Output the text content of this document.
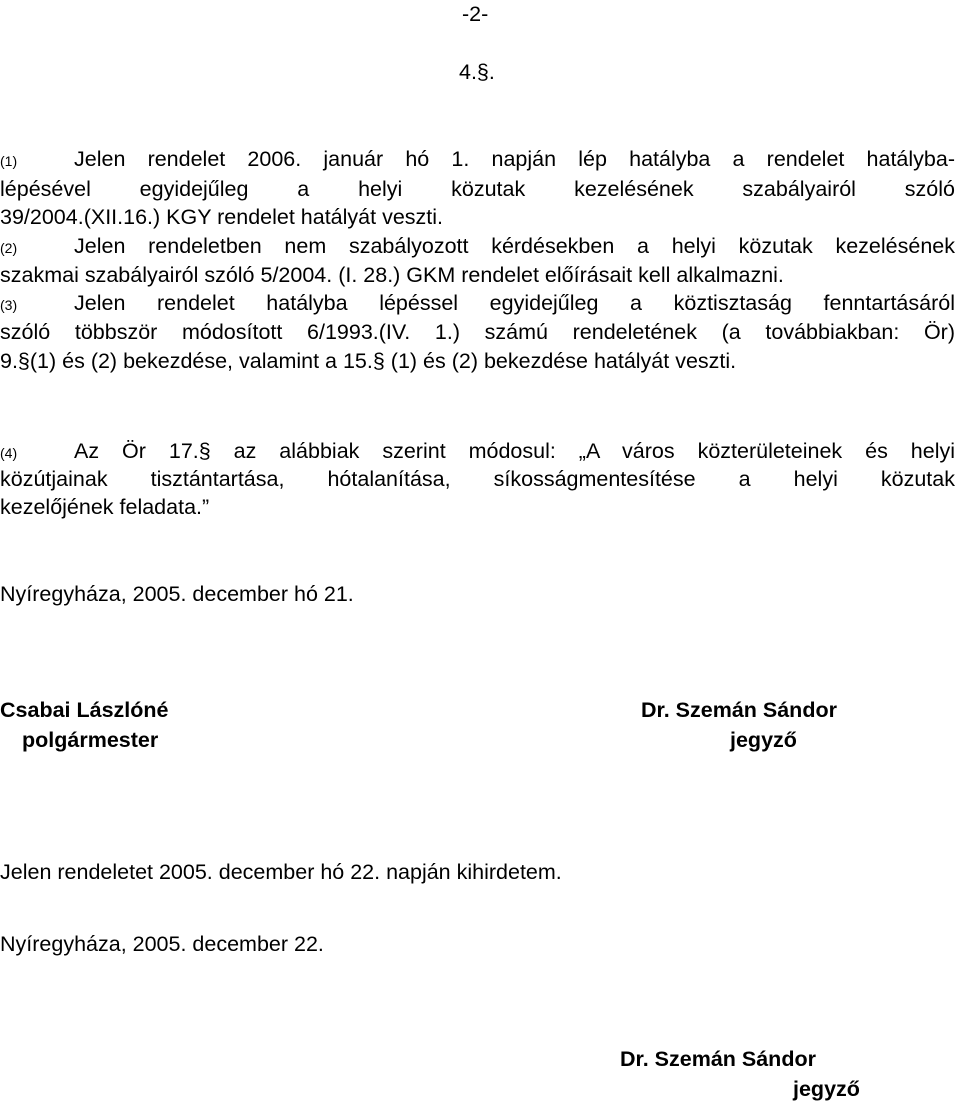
-2-
4.§.
(1)	Jelen rendelet 2006. január hó 1. napján lép hatályba a rendelet hatályba-
lépésével egyidejűleg a helyi közutak kezelésének szabályairól szóló
39/2004.(XII.16.) KGY rendelet hatályát veszti.
(2)	Jelen rendeletben nem szabályozott kérdésekben a helyi közutak kezelésének
szakmai szabályairól szóló 5/2004. (I. 28.) GKM rendelet előírásait kell alkalmazni.
(3)	Jelen rendelet hatályba lépéssel egyidejűleg a köztisztaság fenntartásáról
szóló többször módosított 6/1993.(IV. 1.) számú rendeletének (a továbbiakban: Ör)
9.§(1) és (2) bekezdése, valamint a 15.§ (1) és (2) bekezdése hatályát veszti.
(4)	Az Ör 17.§ az alábbiak szerint módosul: „A város közterületeinek és helyi
közútjainak tisztántartása, hótalanítása, síkosságmentesítése a helyi közutak
kezelőjének feladata.”
Nyíregyháza, 2005. december hó 21.
Csabai Lászlóné
polgármester
Dr. Szemán Sándor
jegyző
Jelen rendeletet 2005. december hó 22. napján kihirdetem.
Nyíregyháza, 2005. december 22.
Dr. Szemán Sándor
jegyző
